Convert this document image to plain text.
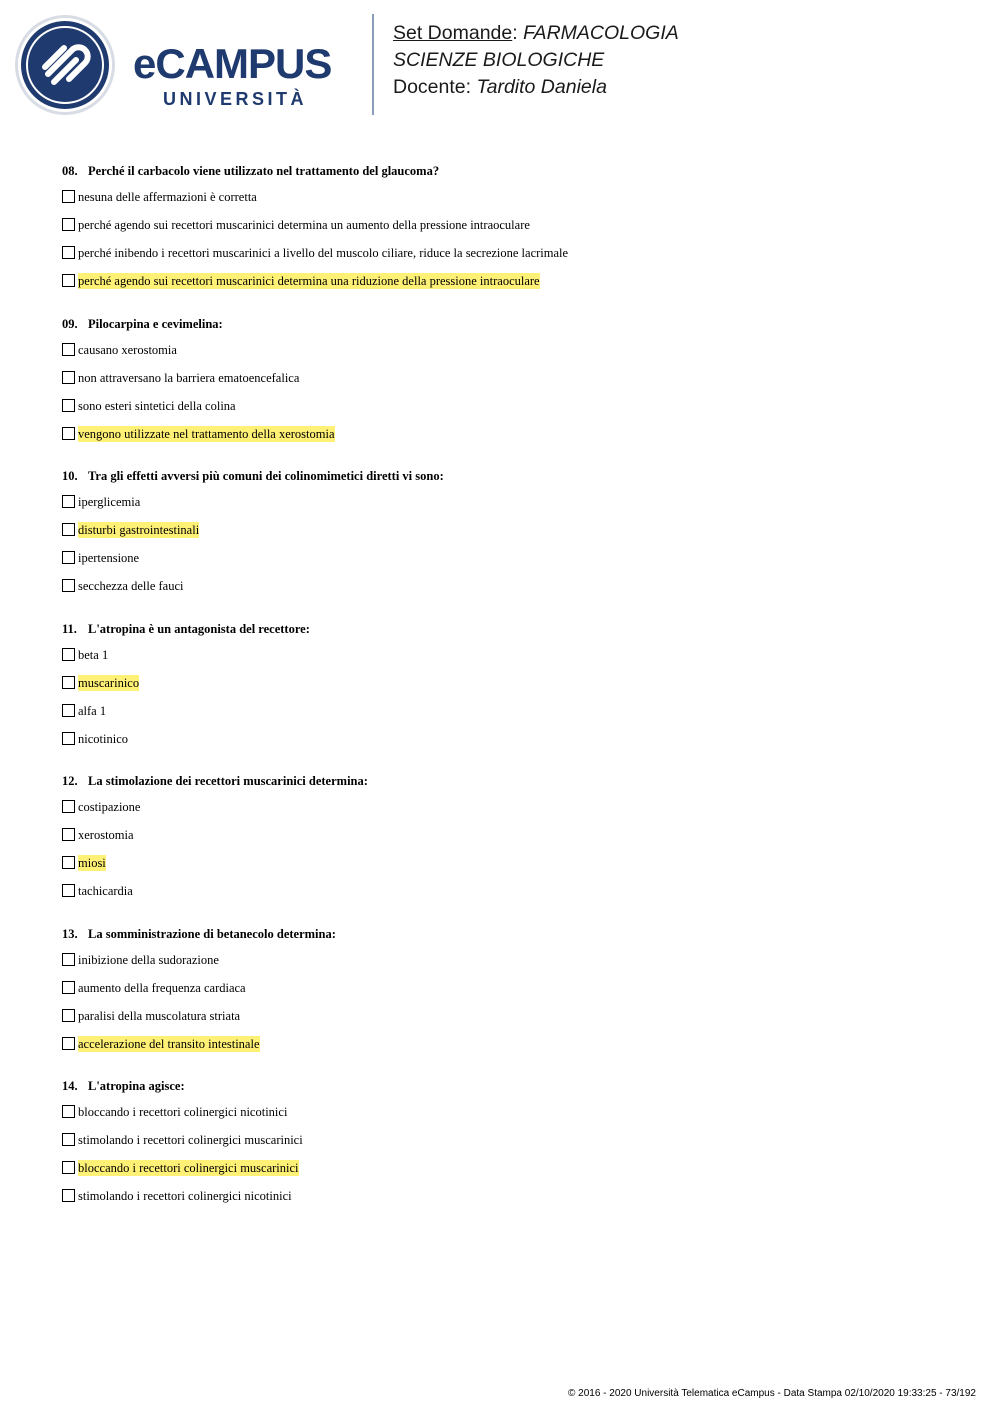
eCAMPUS
UNIVERSITÀ
Set Domande: FARMACOLOGIA
SCIENZE BIOLOGICHE
Docente: Tardito Daniela
08. Perché il carbacolo viene utilizzato nel trattamento del glaucoma?
nesuna delle affermazioni è corretta
perché agendo sui recettori muscarinici determina un aumento della pressione intraoculare
perché inibendo i recettori muscarinici a livello del muscolo ciliare, riduce la secrezione lacrimale
perché agendo sui recettori muscarinici determina una riduzione della pressione intraoculare
09. Pilocarpina e cevimelina:
causano xerostomia
non attraversano la barriera ematoencefalica
sono esteri sintetici della colina
vengono utilizzate nel trattamento della xerostomia
10. Tra gli effetti avversi più comuni dei colinomimetici diretti vi sono:
iperglicemia
disturbi gastrointestinali
ipertensione
secchezza delle fauci
11. L'atropina è un antagonista del recettore:
beta 1
muscarinico
alfa 1
nicotinico
12. La stimolazione dei recettori muscarinici determina:
costipazione
xerostomia
miosi
tachicardia
13. La somministrazione di betanecolo determina:
inibizione della sudorazione
aumento della frequenza cardiaca
paralisi della muscolatura striata
accelerazione del transito intestinale
14. L'atropina agisce:
bloccando i recettori colinergici nicotinici
stimolando i recettori colinergici muscarinici
bloccando i recettori colinergici muscarinici
stimolando i recettori colinergici nicotinici
© 2016 - 2020 Università Telematica eCampus - Data Stampa 02/10/2020 19:33:25 - 73/192
